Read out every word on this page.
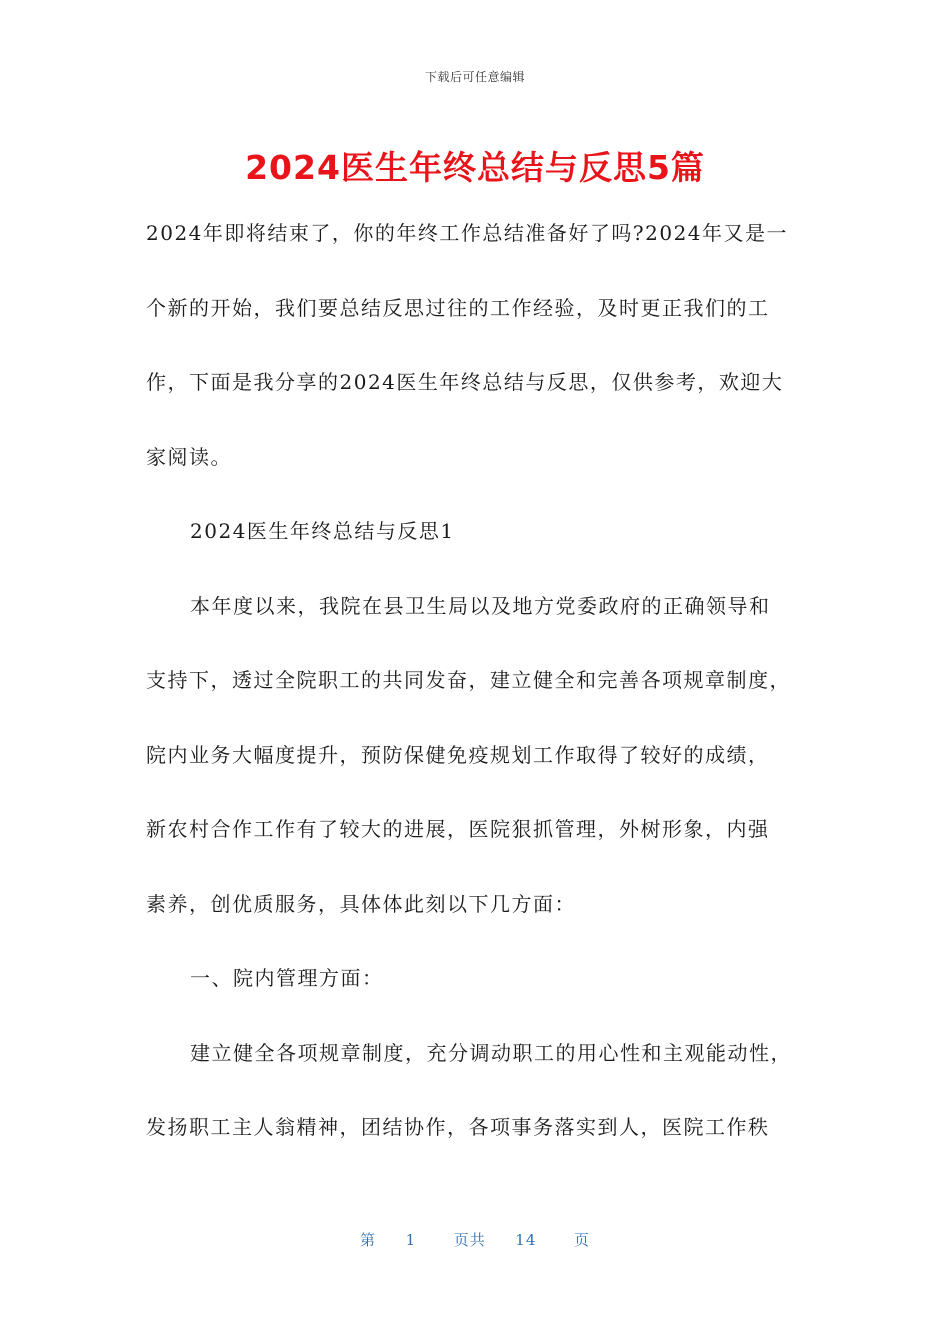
下载后可任意编辑
2024医生年终总结与反思5篇

2024年即将结束了，你的年终工作总结准备好了吗?2024年又是一
个新的开始，我们要总结反思过往的工作经验，及时更正我们的工
作，下面是我分享的2024医生年终总结与反思，仅供参考，欢迎大
家阅读。

2024医生年终总结与反思1

本年度以来，我院在县卫生局以及地方党委政府的正确领导和

支持下，透过全院职工的共同发奋，建立健全和完善各项规章制度，
院内业务大幅度提升，预防保健免疫规划工作取得了较好的成绩，
新农村合作工作有了较大的进展，医院狠抓管理，外树形象，内强
素养，创优质服务，具体体此刻以下几方面：

一、院内管理方面：

建立健全各项规章制度，充分调动职工的用心性和主观能动性，

发扬职工主人翁精神，团结协作，各项事务落实到人，医院工作秩

第 1	页共 14	页
